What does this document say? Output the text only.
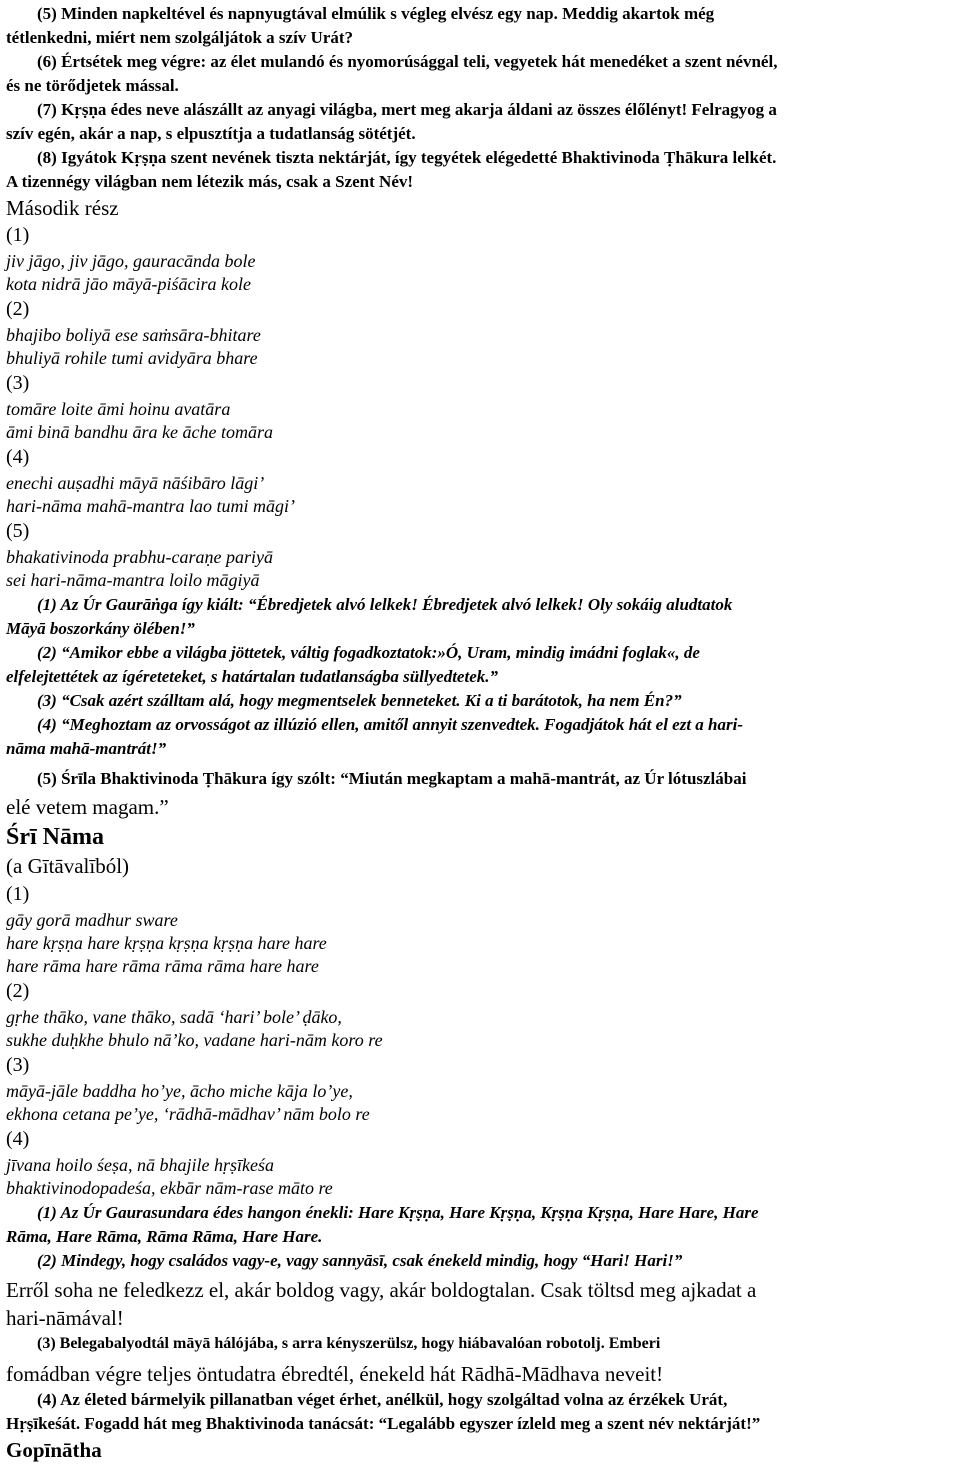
(5) Minden napkeltével és napnyugtával elmúlik s végleg elvész egy nap. Meddig akartok még
tétlenkedni, miért nem szolgáljátok a szív Urát?
(6) Értsétek meg végre: az élet mulandó és nyomorúsággal teli, vegyetek hát menedéket a szent névnél,
és ne törődjetek mással.
(7) Kṛṣṇa édes neve alászállt az anyagi világba, mert meg akarja áldani az összes élőlényt! Felragyog a
szív egén, akár a nap, s elpusztítja a tudatlanság sötétjét.
(8) Igyátok Kṛṣṇa szent nevének tiszta nektárját, így tegyétek elégedetté Bhaktivinoda Ṭhākura lelkét.
A tizennégy világban nem létezik más, csak a Szent Név!
Második rész
(1)
jiv jāgo, jiv jāgo, gauracānda bole
kota nidrā jāo māyā-piśācira kole
(2)
bhajibo boliyā ese saṁsāra-bhitare
bhuliyā rohile tumi avidyāra bhare
(3)
tomāre loite āmi hoinu avatāra
āmi binā bandhu āra ke āche tomāra
(4)
enechi auṣadhi māyā nāśibāro lāgi’
hari-nāma mahā-mantra lao tumi māgi’
(5)
bhakativinoda prabhu-caraṇe pariyā
sei hari-nāma-mantra loilo māgiyā
(1) Az Úr Gaurāṅga így kiált: “Ébredjetek alvó lelkek! Ébredjetek alvó lelkek! Oly sokáig aludtatok
Māyā boszorkány ölében!”
(2) “Amikor ebbe a világba jöttetek, váltig fogadkoztatok:»Ó, Uram, mindig imádni foglak«, de
elfelejtettétek az ígéreteteket, s határtalan tudatlanságba süllyedtetek.”
(3) “Csak azért szálltam alá, hogy megmentselek benneteket. Ki a ti barátotok, ha nem Én?”
(4) “Meghoztam az orvosságot az illúzió ellen, amitől annyit szenvedtek. Fogadjátok hát el ezt a hari-
nāma mahā-mantrát!”
(5) Śrīla Bhaktivinoda Ṭhākura így szólt: “Miután megkaptam a mahā-mantrát, az Úr lótuszlábai
elé vetem magam.”
Śrī Nāma
(a Gītāvalīból)
(1)
gāy gorā madhur sware
hare kṛṣṇa hare kṛṣṇa kṛṣṇa kṛṣṇa hare hare
hare rāma hare rāma rāma rāma hare hare
(2)
gṛhe thāko, vane thāko, sadā ‘hari’ bole’ ḍāko,
sukhe duḥkhe bhulo nā’ko, vadane hari-nām koro re
(3)
māyā-jāle baddha ho’ye, ācho miche kāja lo’ye,
ekhona cetana pe’ye, ‘rādhā-mādhav’ nām bolo re
(4)
jīvana hoilo śeṣa, nā bhajile hṛṣīkeśa
bhaktivinodopadeśa, ekbār nām-rase māto re
(1) Az Úr Gaurasundara édes hangon énekli: Hare Kṛṣṇa, Hare Kṛṣṇa, Kṛṣṇa Kṛṣṇa, Hare Hare, Hare
Rāma, Hare Rāma, Rāma Rāma, Hare Hare.
(2) Mindegy, hogy családos vagy-e, vagy sannyāsī, csak énekeld mindig, hogy “Hari! Hari!”
Erről soha ne feledkezz el, akár boldog vagy, akár boldogtalan. Csak töltsd meg ajkadat a
hari-nāmával!
(3) Belegabalyodtál māyā hálójába, s arra kényszerülsz, hogy hiábavalóan robotolj. Emberi
fomádban végre teljes öntudatra ébredtél, énekeld hát Rādhā-Mādhava neveit!
(4) Az életed bármelyik pillanatban véget érhet, anélkül, hogy szolgáltad volna az érzékek Urát,
Hṛṣīkeśát. Fogadd hát meg Bhaktivinoda tanácsát: “Legalább egyszer ízleld meg a szent név nektárját!”
Gopīnātha
